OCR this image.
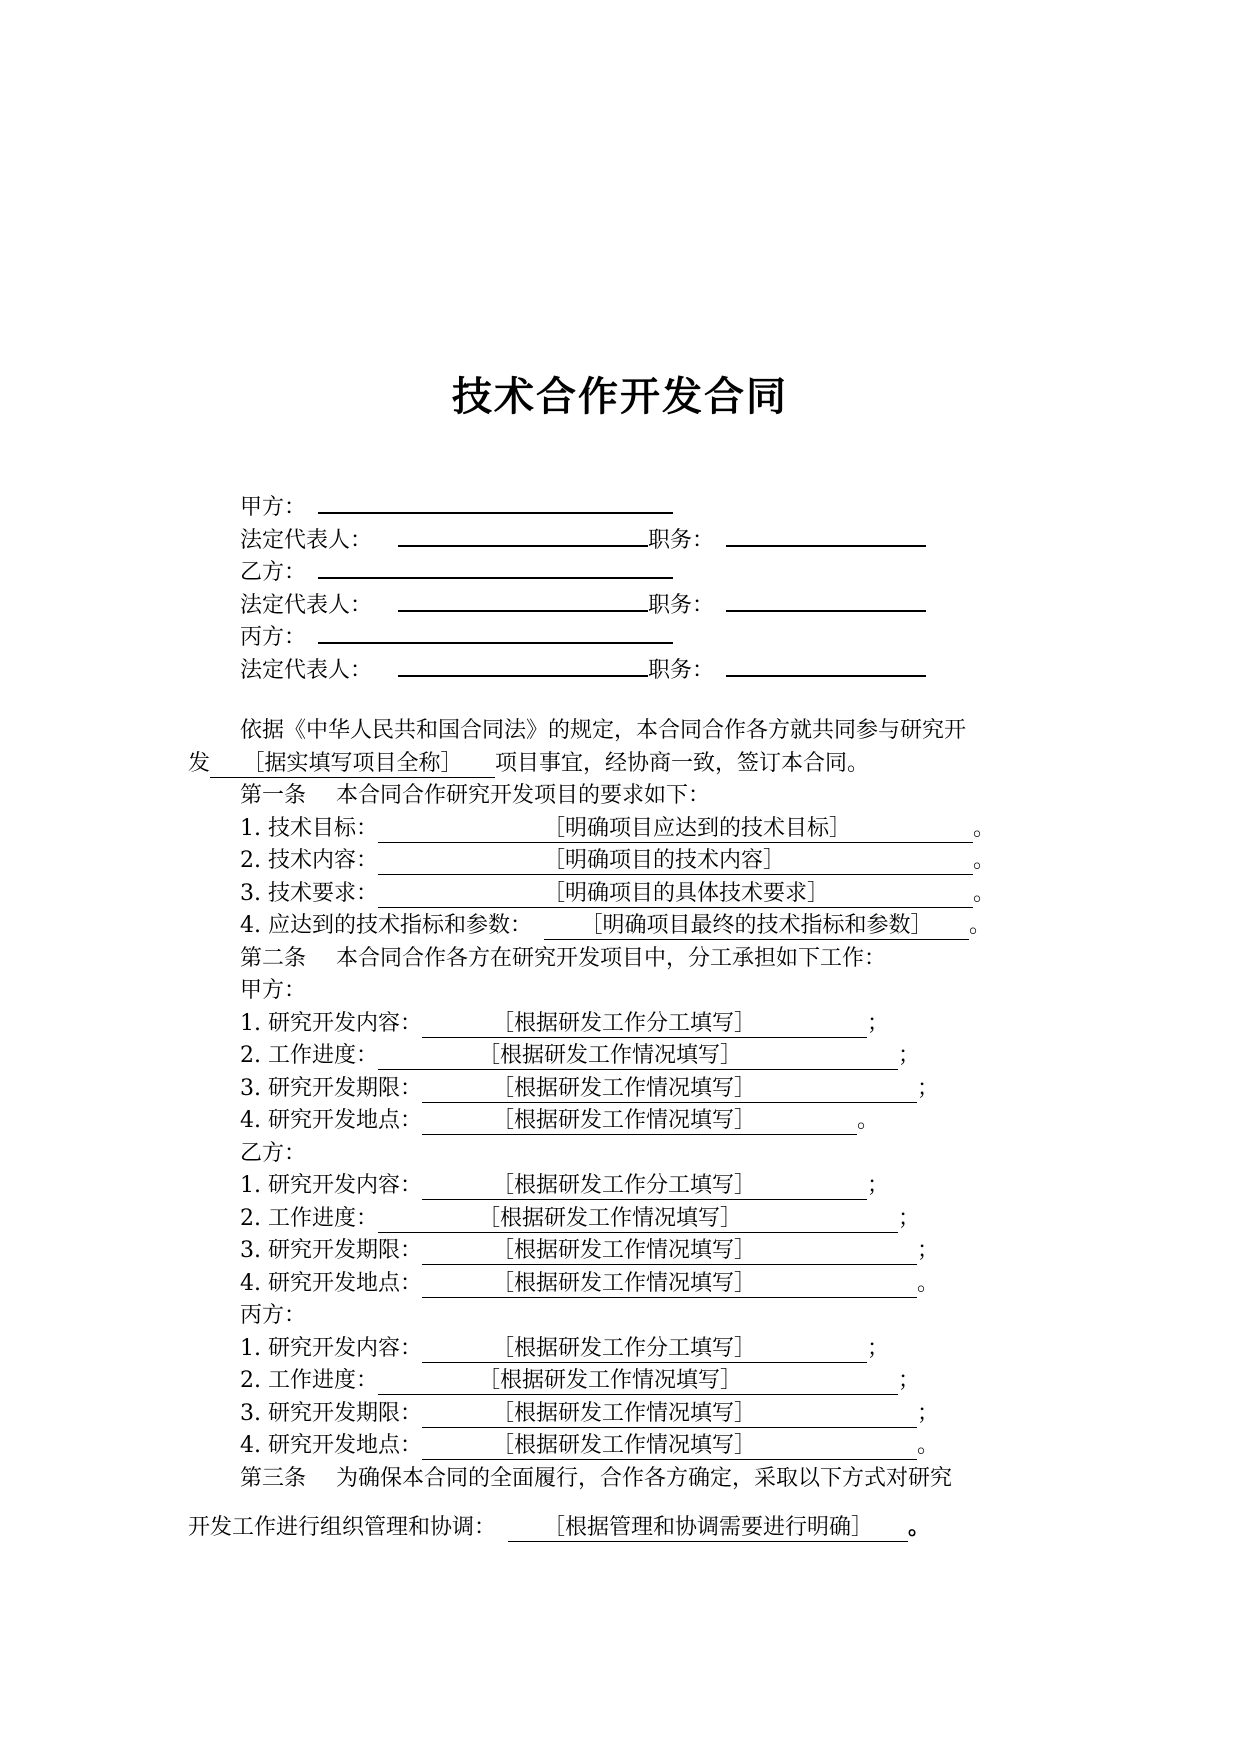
技术合作开发合同
甲方：
法定代表人：	职务：
乙方：
法定代表人：	职务：
丙方：
法定代表人：	职务：
依据《中华人民共和国合同法》的规定，本合同合作各方就共同参与研究开
发 ［据实填写项目全称］ 项目事宜，经协商一致，签订本合同。
第一条 本合同合作研究开发项目的要求如下：
1. 技术目标：	［明确项目应达到的技术目标］	。
2. 技术内容：	［明确项目的技术内容］	。
3. 技术要求：	［明确项目的具体技术要求］	。
4. 应达到的技术指标和参数： ［明确项目最终的技术指标和参数］ 。
第二条 本合同合作各方在研究开发项目中，分工承担如下工作：
甲方：
1. 研究开发内容：	［根据研发工作分工填写］	；
2. 工作进度：	［根据研发工作情况填写］	；
3. 研究开发期限：	［根据研发工作情况填写］	；
4. 研究开发地点：	［根据研发工作情况填写］	。
乙方：
1. 研究开发内容：	［根据研发工作分工填写］	；
2. 工作进度：	［根据研发工作情况填写］	；
3. 研究开发期限：	［根据研发工作情况填写］	；
4. 研究开发地点：	［根据研发工作情况填写］	。
丙方：
1. 研究开发内容：	［根据研发工作分工填写］	；
2. 工作进度：	［根据研发工作情况填写］	；
3. 研究开发期限：	［根据研发工作情况填写］	；
4. 研究开发地点：	［根据研发工作情况填写］	。
第三条 为确保本合同的全面履行，合作各方确定，采取以下方式对研究
开发工作进行组织管理和协调： ［根据管理和协调需要进行明确］ 。
